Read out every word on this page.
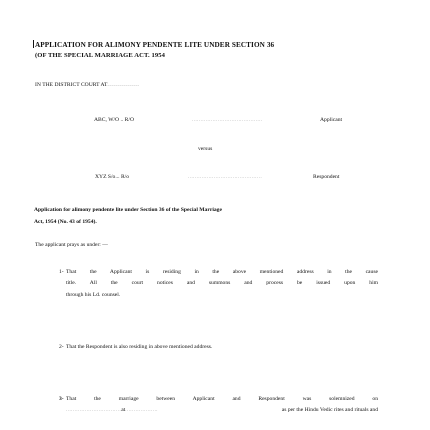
APPLICATION FOR ALIMONY PENDENTE LITE UNDER SECTION 36
(OF THE SPECIAL MARRIAGE ACT. 1954
IN THE DISTRICT COURT AT................
ABC, W/O .. R/O	.........................................	Applicant
versus
XYZ S/o... R/o	...........................................	Respondent
Application for alimony pendente lite under Section 36 of the Special Marriage
Act, 1954 (No. 43 of 1954).
The applicant prays as under: —
1- That the Applicant is residing in the above mentioned address in the cause
title. All the court notices and summons and process be issued upon him
through his Ld. counsel.
2- That the Respondent is also residing in above mentioned address.
3- That the marriage between Applicant and Respondent was solemnized on
................................at...................	as per the Hindu Vedic rites and rituals and
